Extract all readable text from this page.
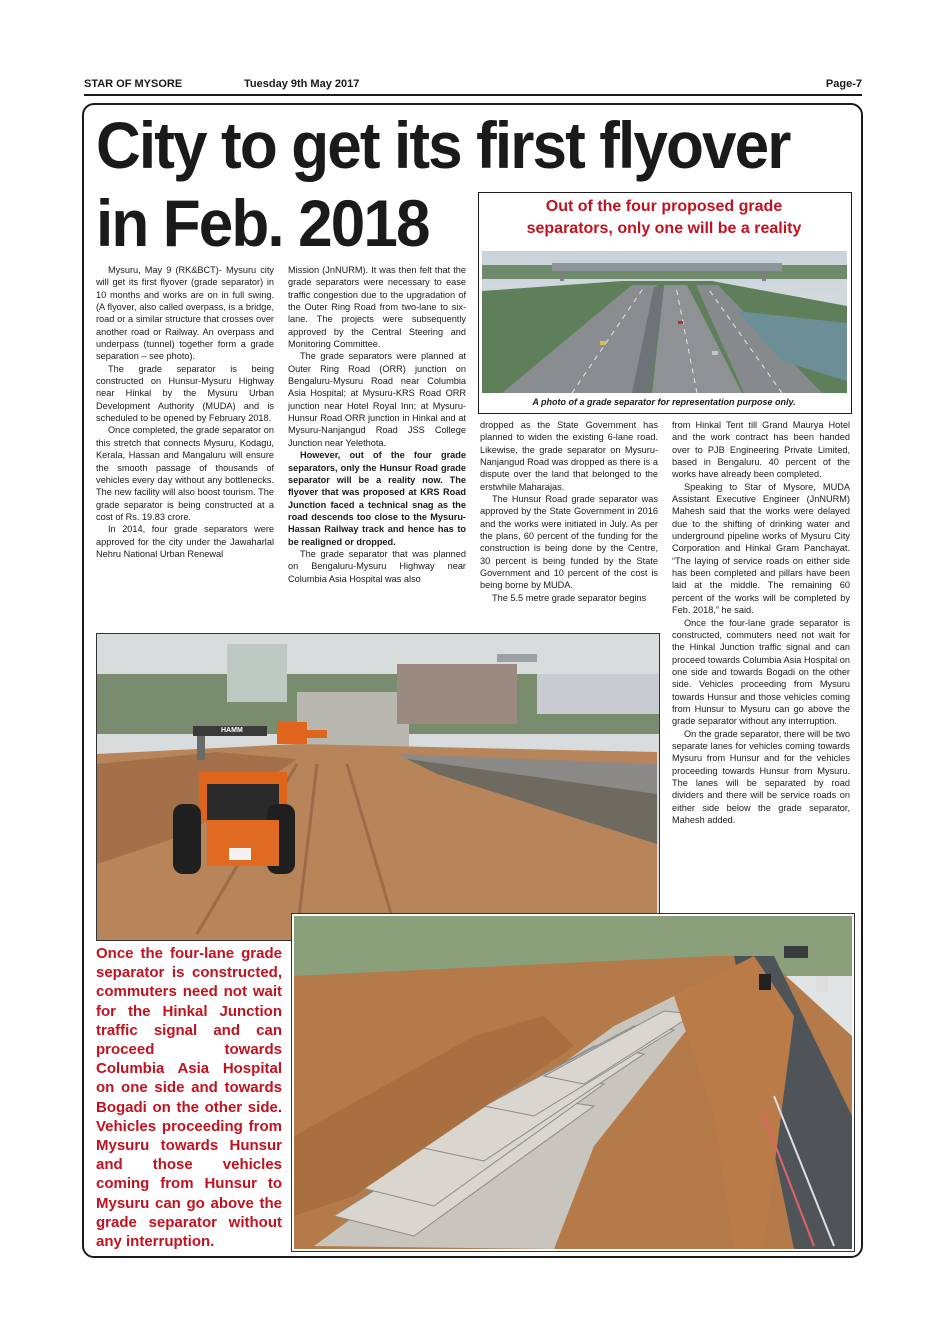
STAR OF MYSORE	Tuesday 9th May 2017	Page-7
City to get its first flyover
in Feb. 2018	Out of the four proposed grade
separators, only one will be a reality
A photo of a grade separator for representation purpose only.

Mysuru, May 9 (RK&BCT)- Mysuru city will get its first flyover (grade separator) in 10 months and works are on in full swing. (A flyover, also called overpass, is a bridge, road or a similar structure that crosses over another road or Railway. An overpass and underpass (tunnel) together form a grade separation – see photo).

The grade separator is being constructed on Hunsur-Mysuru Highway near Hinkal by the Mysuru Urban Development Authority (MUDA) and is scheduled to be opened by February 2018.

Once completed, the grade separator on this stretch that connects Mysuru, Kodagu, Kerala, Hassan and Mangaluru will ensure the smooth passage of thousands of vehicles every day without any bottlenecks. The new facility will also boost tourism. The grade separator is being constructed at a cost of Rs. 19.83 crore.

In 2014, four grade separators were approved for the city under the Jawaharlal Nehru National Urban Renewal

Mission (JnNURM). It was then felt that the grade separators were necessary to ease traffic congestion due to the upgradation of the Outer Ring Road from two-lane to six-lane. The projects were subsequently approved by the Central Steering and Monitoring Committee.

The grade separators were planned at Outer Ring Road (ORR) junction on Bengaluru-Mysuru Road near Columbia Asia Hospital; at Mysuru-KRS Road ORR junction near Hotel Royal Inn; at Mysuru-Hunsur Road ORR junction in Hinkal and at Mysuru-Nanjangud Road JSS College Junction near Yelethota.

However, out of the four grade separators, only the Hunsur Road grade separator will be a reality now. The flyover that was proposed at KRS Road Junction faced a technical snag as the road descends too close to the Mysuru-Hassan Railway track and hence has to be realigned or dropped.

The grade separator that was planned on Bengaluru-Mysuru Highway near Columbia Asia Hospital was also

dropped as the State Government has planned to widen the existing 6-lane road. Likewise, the grade separator on Mysuru-Nanjangud Road was dropped as there is a dispute over the land that belonged to the erstwhile Maharajas.

The Hunsur Road grade separator was approved by the State Government in 2016 and the works were initiated in July. As per the plans, 60 percent of the funding for the construction is being done by the Centre, 30 percent is being funded by the State Government and 10 percent of the cost is being borne by MUDA.

The 5.5 metre grade separator begins

from Hinkal Tent till Grand Maurya Hotel and the work contract has been handed over to PJB Engineering Private Limited, based in Bengaluru. 40 percent of the works have already been completed.

Speaking to Star of Mysore, MUDA Assistant Executive Engineer (JnNURM) Mahesh said that the works were delayed due to the shifting of drinking water and underground pipeline works of Mysuru City Corporation and Hinkal Gram Panchayat. “The laying of service roads on either side has been completed and pillars have been laid at the middle. The remaining 60 percent of the works will be completed by Feb. 2018,” he said.

Once the four-lane grade separator is constructed, commuters need not wait for the Hinkal Junction traffic signal and can proceed towards Columbia Asia Hospital on one side and towards Bogadi on the other side. Vehicles proceeding from Mysuru towards Hunsur and those vehicles coming from Hunsur to Mysuru can go above the grade separator without any interruption.

On the grade separator, there will be two separate lanes for vehicles coming towards Mysuru from Hunsur and for the vehicles proceeding towards Hunsur from Mysuru. The lanes will be separated by road dividers and there will be service roads on either side below the grade separator, Mahesh added.

HAMM
Once the four-lane grade separator is constructed, commuters need not wait for the Hinkal Junction traffic signal and can proceed towards Columbia Asia Hospital on one side and towards Bogadi on the other side. Vehicles proceeding from Mysuru towards Hunsur and those vehicles coming from Hunsur to Mysuru can go above the grade separator without any interruption.
